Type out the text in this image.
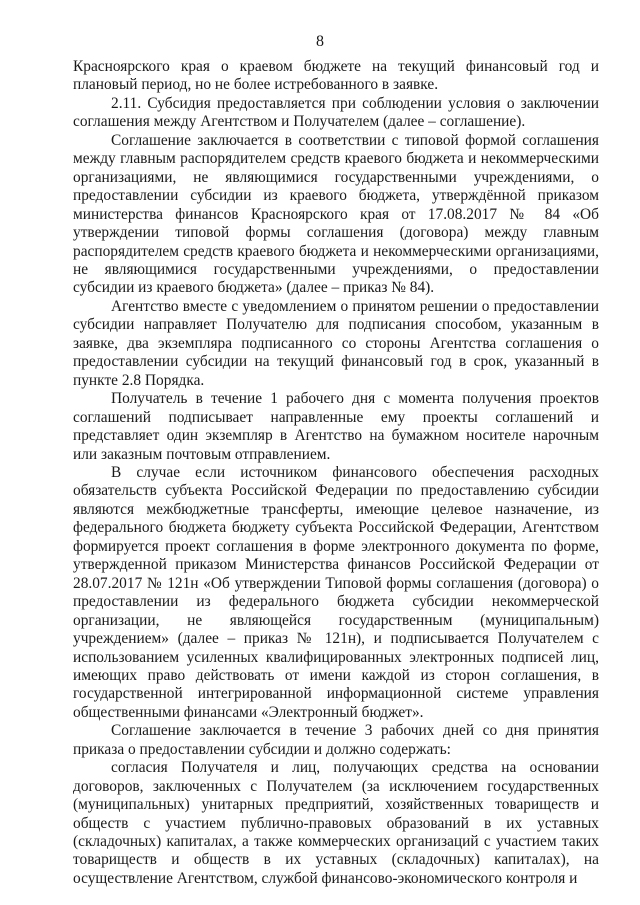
8

Красноярского края о краевом бюджете на текущий финансовый год и плановый период, но не более истребованного в заявке.

2.11. Субсидия предоставляется при соблюдении условия о заключении соглашения между Агентством и Получателем (далее – соглашение).

Соглашение заключается в соответствии с типовой формой соглашения между главным распорядителем средств краевого бюджета и некоммерческими организациями, не являющимися государственными учреждениями, о предоставлении субсидии из краевого бюджета, утверждённой приказом министерства финансов Красноярского края от 17.08.2017 № 84 «Об утверждении типовой формы соглашения (договора) между главным распорядителем средств краевого бюджета и некоммерческими организациями, не являющимися государственными учреждениями, о предоставлении субсидии из краевого бюджета» (далее – приказ № 84).

Агентство вместе с уведомлением о принятом решении о предоставлении субсидии направляет Получателю для подписания способом, указанным в заявке, два экземпляра подписанного со стороны Агентства соглашения о предоставлении субсидии на текущий финансовый год в срок, указанный в пункте 2.8 Порядка.

Получатель в течение 1 рабочего дня с момента получения проектов соглашений подписывает направленные ему проекты соглашений и представляет один экземпляр в Агентство на бумажном носителе нарочным или заказным почтовым отправлением.

В случае если источником финансового обеспечения расходных обязательств субъекта Российской Федерации по предоставлению субсидии являются межбюджетные трансферты, имеющие целевое назначение, из федерального бюджета бюджету субъекта Российской Федерации, Агентством формируется проект соглашения в форме электронного документа по форме, утвержденной приказом Министерства финансов Российской Федерации от 28.07.2017 № 121н «Об утверждении Типовой формы соглашения (договора) о предоставлении из федерального бюджета субсидии некоммерческой организации, не являющейся государственным (муниципальным) учреждением» (далее – приказ № 121н), и подписывается Получателем с использованием усиленных квалифицированных электронных подписей лиц, имеющих право действовать от имени каждой из сторон соглашения, в государственной интегрированной информационной системе управления общественными финансами «Электронный бюджет».

Соглашение заключается в течение 3 рабочих дней со дня принятия приказа о предоставлении субсидии и должно содержать:

согласия Получателя и лиц, получающих средства на основании договоров, заключенных с Получателем (за исключением государственных (муниципальных) унитарных предприятий, хозяйственных товариществ и обществ с участием публично-правовых образований в их уставных (складочных) капиталах, а также коммерческих организаций с участием таких товариществ и обществ в их уставных (складочных) капиталах), на осуществление Агентством, службой финансово-экономического контроля и
